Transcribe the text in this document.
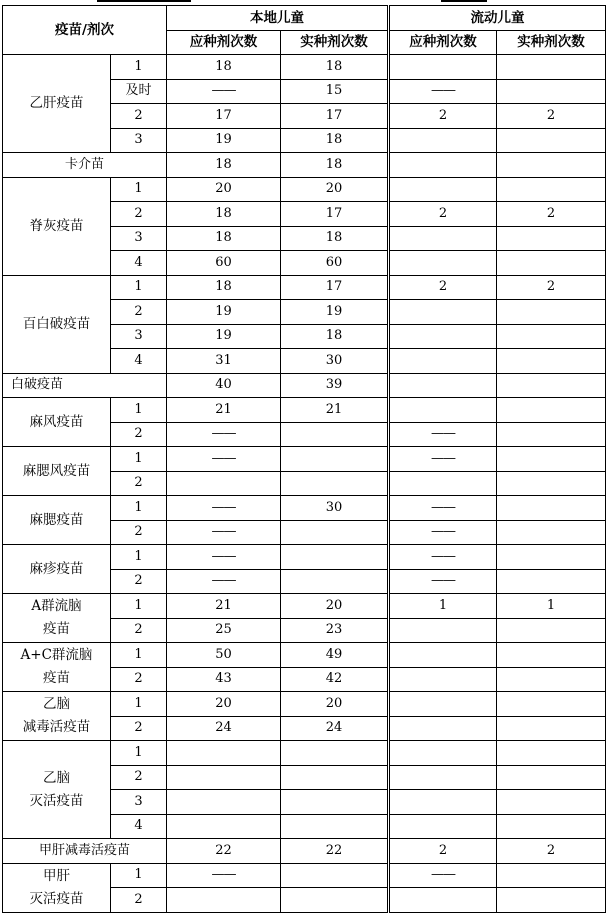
疫苗/剂次		本地儿童		流动儿童	
		应种剂次数	实种剂次数	应种剂次数	实种剂次数
乙肝疫苗	1	18	18		
	及时	——	15	——	
	2	17	17	2	2
	3	19	18		
卡介苗		18	18		
脊灰疫苗	1	20	20		
	2	18	17	2	2
	3	18	18		
	4	60	60		
百白破疫苗	1	18	17	2	2
	2	19	19		
	3	19	18		
	4	31	30		
白破疫苗		40	39		
麻风疫苗	1	21	21		
	2	——		——	
麻腮风疫苗	1	——		——	
	2				
麻腮疫苗	1	——	30	——	
	2	——		——	
麻疹疫苗	1	——		——	
	2	——		——	
A群流脑
疫苗	1	21	20	1	1
	2	25	23		
A+C群流脑
疫苗	1	50	49		
	2	43	42		
乙脑
减毒活疫苗	1	20	20		
	2	24	24		
乙脑
灭活疫苗	1				
	2				
	3				
	4				
甲肝减毒活疫苗		22	22	2	2
甲肝
灭活疫苗	1	——		——	
	2				
